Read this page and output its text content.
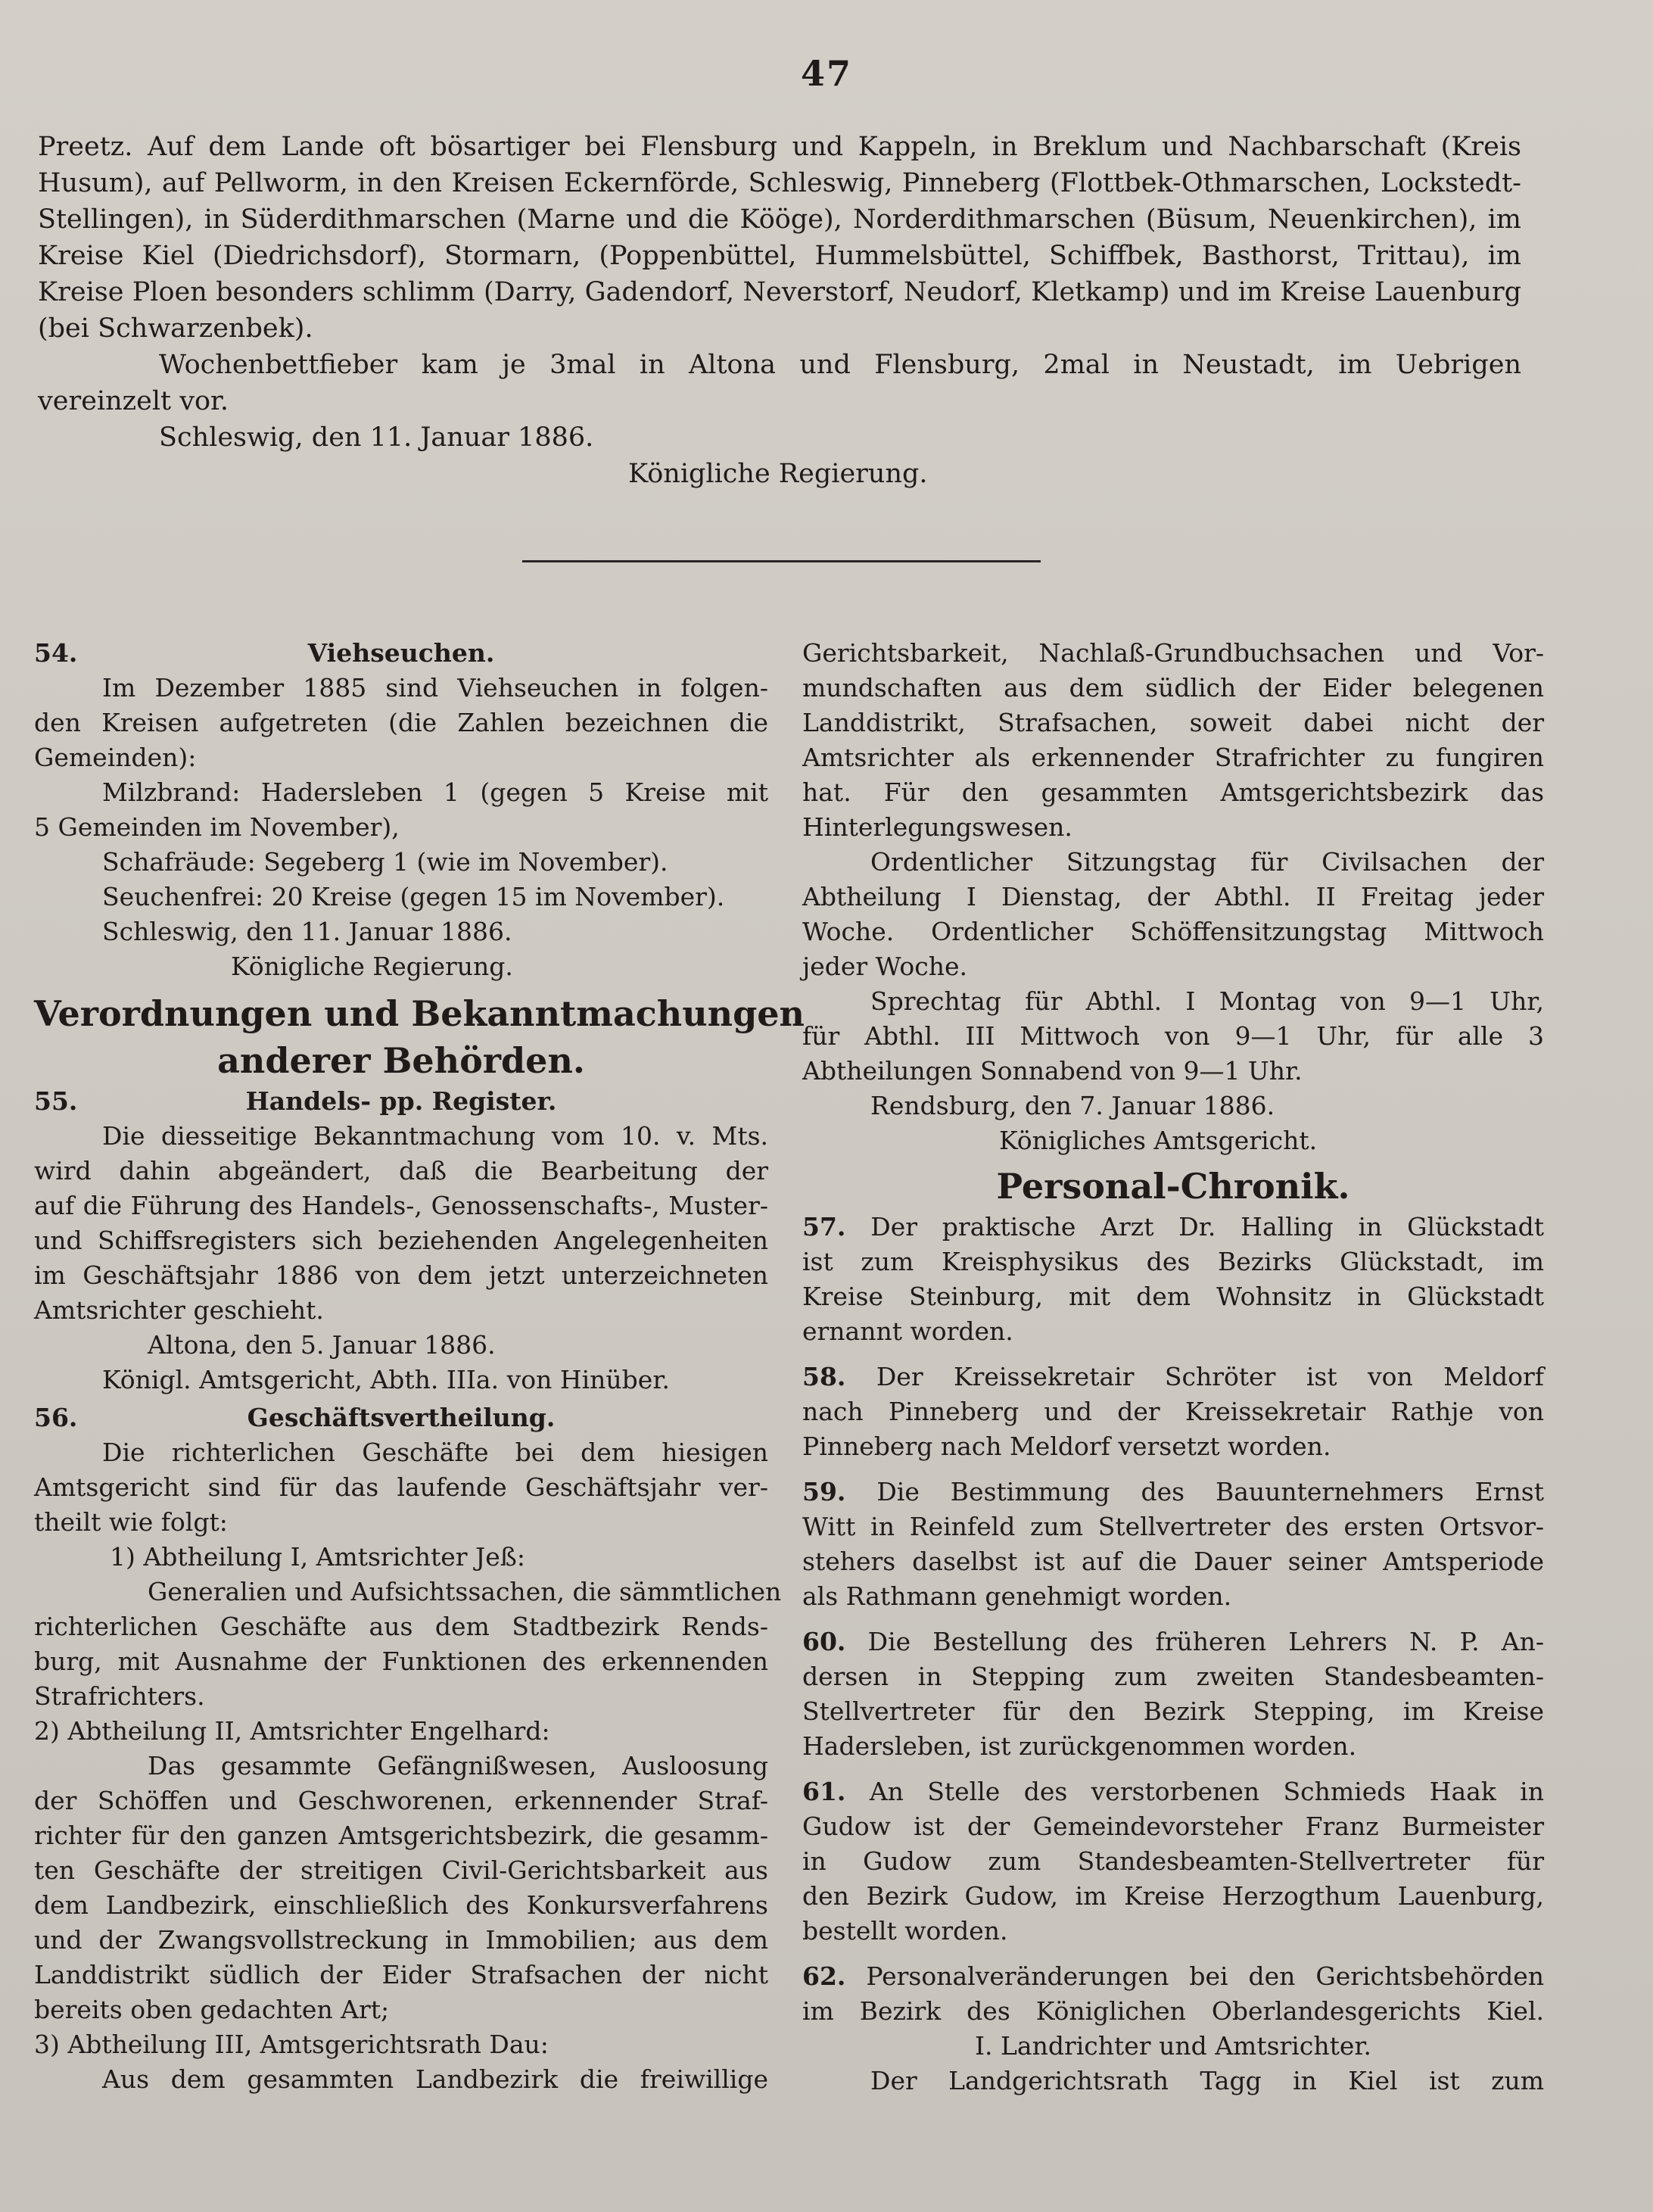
47
Preetz. Auf dem Lande oft bösartiger bei Flensburg und Kappeln, in Breklum und Nachbarschaft (Kreis
Husum), auf Pellworm, in den Kreisen Eckernförde, Schleswig, Pinneberg (Flottbek-Othmarschen, Lockstedt-
Stellingen), in Süderdithmarschen (Marne und die Kööge), Norderdithmarschen (Büsum, Neuenkirchen), im
Kreise Kiel (Diedrichsdorf), Stormarn, (Poppenbüttel, Hummelsbüttel, Schiffbek, Basthorst, Trittau), im
Kreise Ploen besonders schlimm (Darry, Gadendorf, Neverstorf, Neudorf, Kletkamp) und im Kreise Lauenburg
(bei Schwarzenbek).
Wochenbettfieber kam je 3mal in Altona und Flensburg, 2mal in Neustadt, im Uebrigen
vereinzelt vor.
Schleswig, den 11. Januar 1886.
Königliche Regierung.
54.	Viehseuchen.
Im Dezember 1885 sind Viehseuchen in folgen-
den Kreisen aufgetreten (die Zahlen bezeichnen die
Gemeinden):
Milzbrand: Hadersleben 1 (gegen 5 Kreise mit
5 Gemeinden im November),
Schafräude: Segeberg 1 (wie im November).
Seuchenfrei: 20 Kreise (gegen 15 im November).
Schleswig, den 11. Januar 1886.
Königliche Regierung.
Verordnungen und Bekanntmachungen
anderer Behörden.
55.	Handels- pp. Register.
Die diesseitige Bekanntmachung vom 10. v. Mts.
wird dahin abgeändert, daß die Bearbeitung der
auf die Führung des Handels-, Genossenschafts-, Muster-
und Schiffsregisters sich beziehenden Angelegenheiten
im Geschäftsjahr 1886 von dem jetzt unterzeichneten
Amtsrichter geschieht.
Altona, den 5. Januar 1886.
Königl. Amtsgericht, Abth. IIIa. von Hinüber.
56.	Geschäftsvertheilung.
Die richterlichen Geschäfte bei dem hiesigen
Amtsgericht sind für das laufende Geschäftsjahr ver-
theilt wie folgt:
1) Abtheilung I, Amtsrichter Jeß:
Generalien und Aufsichtssachen, die sämmtlichen
richterlichen Geschäfte aus dem Stadtbezirk Rends-
burg, mit Ausnahme der Funktionen des erkennenden
Strafrichters.
2) Abtheilung II, Amtsrichter Engelhard:
Das gesammte Gefängnißwesen, Ausloosung
der Schöffen und Geschworenen, erkennender Straf-
richter für den ganzen Amtsgerichtsbezirk, die gesamm-
ten Geschäfte der streitigen Civil-Gerichtsbarkeit aus
dem Landbezirk, einschließlich des Konkursverfahrens
und der Zwangsvollstreckung in Immobilien; aus dem
Landdistrikt südlich der Eider Strafsachen der nicht
bereits oben gedachten Art;
3) Abtheilung III, Amtsgerichtsrath Dau:
Aus dem gesammten Landbezirk die freiwillige
Gerichtsbarkeit, Nachlaß-Grundbuchsachen und Vor-
mundschaften aus dem südlich der Eider belegenen
Landdistrikt, Strafsachen, soweit dabei nicht der
Amtsrichter als erkennender Strafrichter zu fungiren
hat. Für den gesammten Amtsgerichtsbezirk das
Hinterlegungswesen.
Ordentlicher Sitzungstag für Civilsachen der
Abtheilung I Dienstag, der Abthl. II Freitag jeder
Woche. Ordentlicher Schöffensitzungstag Mittwoch
jeder Woche.
Sprechtag für Abthl. I Montag von 9—1 Uhr,
für Abthl. III Mittwoch von 9—1 Uhr, für alle 3
Abtheilungen Sonnabend von 9—1 Uhr.
Rendsburg, den 7. Januar 1886.
Königliches Amtsgericht.
Personal-Chronik.
57. Der praktische Arzt Dr. Halling in Glückstadt
ist zum Kreisphysikus des Bezirks Glückstadt, im
Kreise Steinburg, mit dem Wohnsitz in Glückstadt
ernannt worden.
58. Der Kreissekretair Schröter ist von Meldorf
nach Pinneberg und der Kreissekretair Rathje von
Pinneberg nach Meldorf versetzt worden.
59. Die Bestimmung des Bauunternehmers Ernst
Witt in Reinfeld zum Stellvertreter des ersten Ortsvor-
stehers daselbst ist auf die Dauer seiner Amtsperiode
als Rathmann genehmigt worden.
60. Die Bestellung des früheren Lehrers N. P. An-
dersen in Stepping zum zweiten Standesbeamten-
Stellvertreter für den Bezirk Stepping, im Kreise
Hadersleben, ist zurückgenommen worden.
61. An Stelle des verstorbenen Schmieds Haak in
Gudow ist der Gemeindevorsteher Franz Burmeister
in Gudow zum Standesbeamten-Stellvertreter für
den Bezirk Gudow, im Kreise Herzogthum Lauenburg,
bestellt worden.
62. Personalveränderungen bei den Gerichtsbehörden
im Bezirk des Königlichen Oberlandesgerichts Kiel.
I. Landrichter und Amtsrichter.
Der Landgerichtsrath Tagg in Kiel ist zum
